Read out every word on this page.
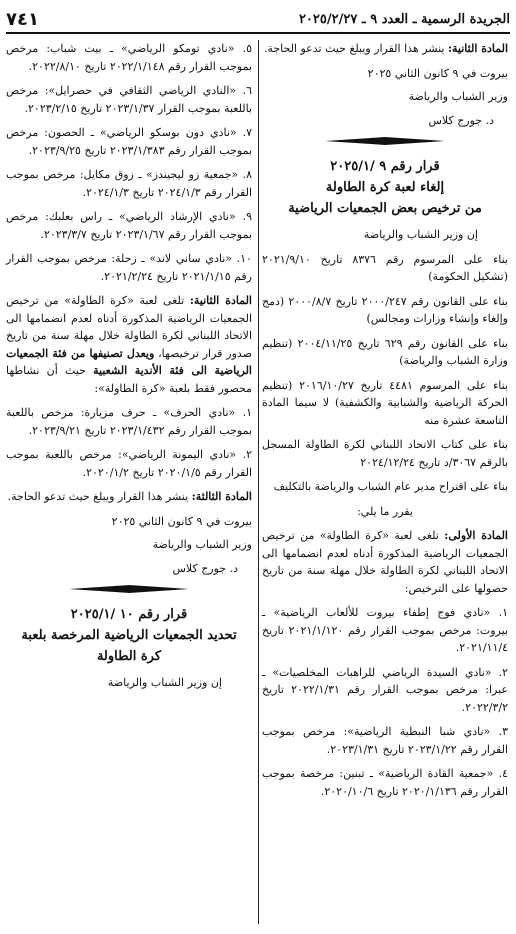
الجريدة الرسمية ـ العدد ٩ ـ ٢٠٢٥/٢/٢٧
٧٤١

المادة الثانية: ينشر هذا القرار ويبلغ حيث تدعو الحاجة.

بيروت في ٩ كانون الثاني ٢٠٢٥

وزير الشباب والرياضة

د. جورج كلاس

قرار رقم ٩ /٢٠٢٥/١
إلغاء لعبة كرة الطاولة
من ترخيص بعض الجمعيات الرياضية

إن وزير الشباب والرياضة

بناء على المرسوم رقم ٨٣٧٦ تاريخ ٢٠٢١/٩/١٠ (تشكيل الحكومة)

بناء على القانون رقم ٢٠٠٠/٢٤٧ تاريخ ٢٠٠٠/٨/٧ (دمج وإلغاء وإنشاء وزارات ومجالس)

بناء على القانون رقم ٦٢٩ تاريخ ٢٠٠٤/١١/٢٥ (تنظيم وزارة الشباب والرياضة)

بناء على المرسوم ٤٤٨١ تاريخ ٢٠١٦/١٠/٢٧ (تنظيم الحركة الرياضية والشبابية والكشفية) لا سيما المادة التاسعة عشرة منه

بناء على كتاب الاتحاد اللبناني لكرة الطاولة المسجل بالرقم ٣٠٦٧/د تاريخ ٢٠٢٤/١٢/٢٤

بناء على اقتراح مدير عام الشباب والرياضة بالتكليف

يقرر ما يلي:

المادة الأولى: تلغى لعبة «كرة الطاولة» من ترخيص الجمعيات الرياضية المذكورة أدناه لعدم انضمامها الى الاتحاد اللبناني لكرة الطاولة خلال مهلة سنة من تاريخ حصولها على الترخيص:

١. «نادي فوج إطفاء بيروت للألعاب الرياضية» ـ بيروت: مرخص بموجب القرار رقم ٢٠٢١/١/١٢٠ تاريخ ٢٠٢١/١١/٤.

٢. «نادي السيدة الرياضي للراهبات المخلصيات» ـ عبرا: مرخص بموجب القرار رقم ٢٠٢٢/١/٣١ تاريخ ٢٠٢٢/٣/٢.

٣. «نادي شبا النبطية الرياضية»: مرخص بموجب القرار رقم ٢٠٢٣/١/٢٢ تاريخ ٢٠٢٣/١/٣١.

٤. «جمعية القادة الرياضية» ـ تبنين: مرخصة بموجب القرار رقم ٢٠٢٠/١/١٣٦ تاريخ ٢٠٢٠/١٠/٦.

٥. «نادي تومكو الرياضي» ـ بيت شباب: مرخص بموجب القرار رقم ٢٠٢٢/١/١٤٨ تاريخ ٢٠٢٢/٨/١٠.

٦. «النادي الرياضي الثقافي في حصرايل»: مرخص باللعبة بموجب القرار ٢٠٢٣/١/٣٧ تاريخ ٢٠٢٣/٢/١٥.

٧. «نادي دون بوسكو الرياضي» ـ الحصون: مرخص بموجب القرار رقم ٢٠٢٣/١/٣٨٣ تاريخ ٢٠٢٣/٩/٢٥.

٨. «جمعية زو ليجيندز» ـ زوق مكايل: مرخص بموجب القرار رقم ٢٠٢٤/١/٣ تاريخ ٢٠٢٤/١/٣.

٩. «نادي الإرشاد الرياضي» ـ راس بعلبك: مرخص بموجب القرار رقم ٢٠٢٣/١/٦٧ تاريخ ٢٠٢٣/٣/٧.

١٠. «نادي ساني لاند» ـ زحلة: مرخص بموجب القرار رقم ٢٠٢١/١/١٥ تاريخ ٢٠٢١/٢/٢٤.

المادة الثانية: تلغى لعبة «كرة الطاولة» من ترخيص الجمعيات الرياضية المذكورة أدناه لعدم انضمامها الى الاتحاد اللبناني لكرة الطاولة خلال مهلة سنة من تاريخ صدور قرار ترخيصها، ويعدل تصنيفها من فئة الجمعيات الرياضية الى فئة الأندية الشعبية حيث أن نشاطها محصور فقط بلعبة «كرة الطاولة»:

١. «نادي الحرف» ـ حرف مزيارة: مرخص باللعبة بموجب القرار رقم ٢٠٢٣/١/٤٣٢ تاريخ ٢٠٢٣/٩/٢١.

٢. «نادي اليمونة الرياضي»: مرخص باللعبة بموجب القرار رقم ٢٠٢٠/١/٥ تاريخ ٢٠٢٠/١/٢.

المادة الثالثة: ينشر هذا القرار ويبلغ حيث تدعو الحاجة.

بيروت في ٩ كانون الثاني ٢٠٢٥

وزير الشباب والرياضة

د. جورج كلاس

قرار رقم ١٠ /٢٠٢٥/١
تحديد الجمعيات الرياضية المرخصة بلعبة
كرة الطاولة

إن وزير الشباب والرياضة
